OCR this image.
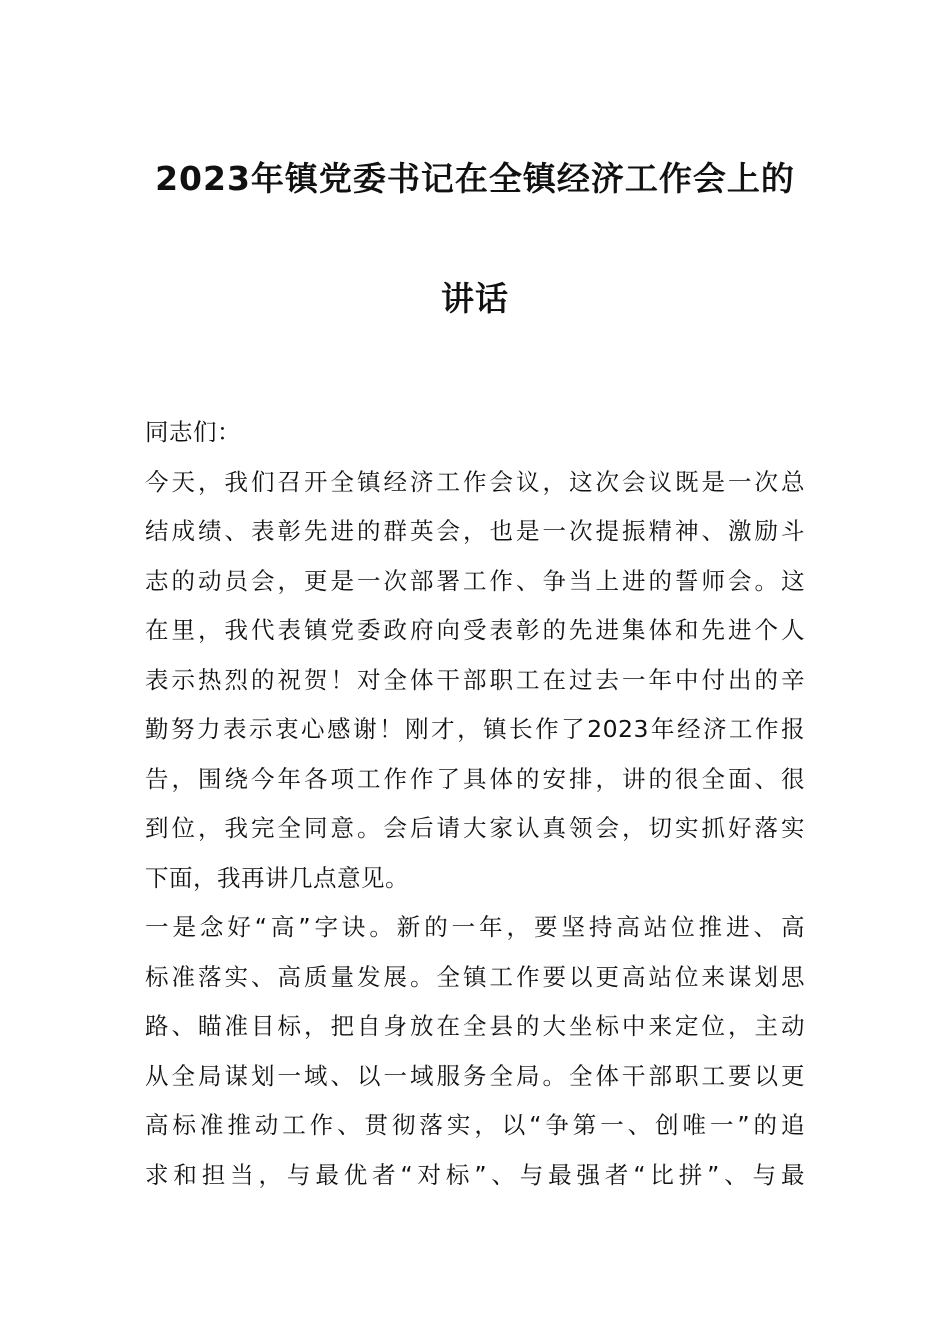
2023年镇党委书记在全镇经济工作会上的
讲话
同志们：
今天，我们召开全镇经济工作会议，这次会议既是一次总
结成绩、表彰先进的群英会，也是一次提振精神、激励斗
志的动员会，更是一次部署工作、争当上进的誓师会。这
在里，我代表镇党委政府向受表彰的先进集体和先进个人
表示热烈的祝贺！对全体干部职工在过去一年中付出的辛
勤努力表示衷心感谢！刚才，镇长作了2023年经济工作报
告，围绕今年各项工作作了具体的安排，讲的很全面、很
到位，我完全同意。会后请大家认真领会，切实抓好落实
下面，我再讲几点意见。
一是念好“高”字诀。新的一年，要坚持高站位推进、高
标准落实、高质量发展。全镇工作要以更高站位来谋划思
路、瞄准目标，把自身放在全县的大坐标中来定位，主动
从全局谋划一域、以一域服务全局。全体干部职工要以更
高标准推动工作、贯彻落实，以“争第一、创唯一”的追
求和担当，与最优者“对标”、与最强者“比拼”、与最
